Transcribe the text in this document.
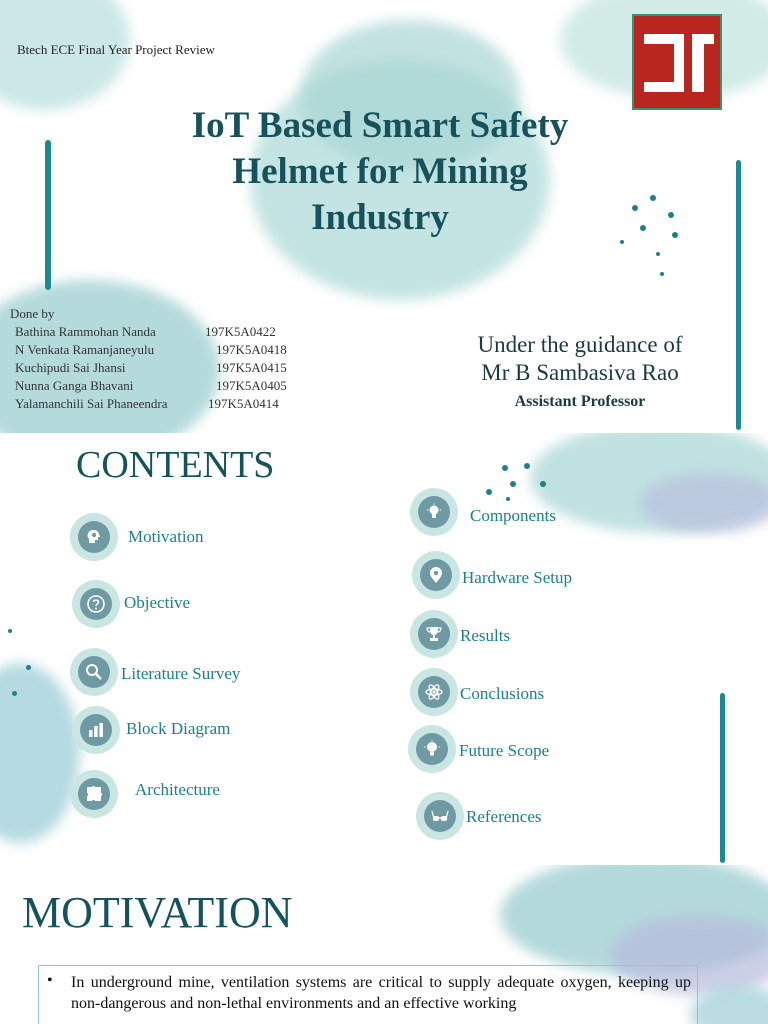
Btech ECE Final Year Project Review
IoT Based Smart Safety
Helmet for Mining
Industry
Done by
Bathina Rammohan Nanda	197K5A0422
N Venkata Ramanjaneyulu	197K5A0418
Kuchipudi Sai Jhansi	197K5A0415
Nunna Ganga Bhavani	197K5A0405
Yalamanchili Sai Phaneendra	197K5A0414
Under the guidance of
Mr B Sambasiva Rao
Assistant Professor
CONTENTS
Motivation
Objective
Literature Survey
Block Diagram
Architecture
Components
Hardware Setup
Results
Conclusions
Future Scope
References
MOTIVATION
• In underground mine, ventilation systems are critical to supply adequate oxygen, keeping up non-dangerous and non-lethal environments and an effective working
